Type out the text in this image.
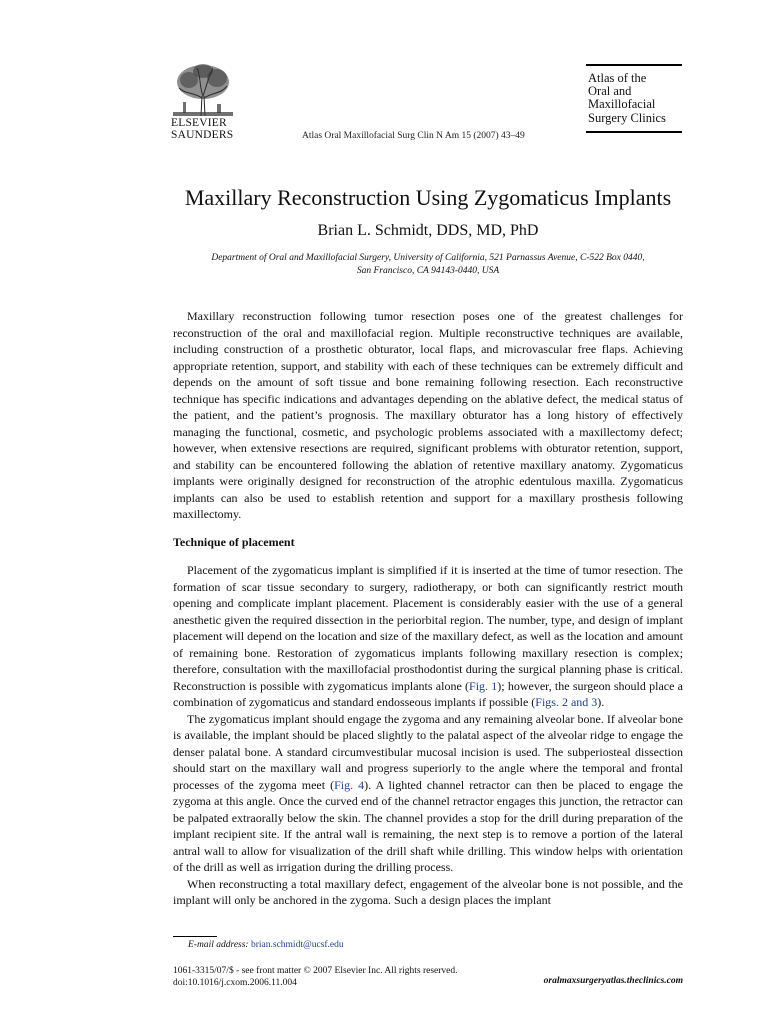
ELSEVIER
SAUNDERS	Atlas Oral Maxillofacial Surg Clin N Am 15 (2007) 43–49
Atlas of the
Oral and
Maxillofacial
Surgery Clinics
Maxillary Reconstruction Using Zygomaticus Implants
Brian L. Schmidt, DDS, MD, PhD
Department of Oral and Maxillofacial Surgery, University of California, 521 Parnassus Avenue, C-522 Box 0440,
San Francisco, CA 94143-0440, USA

Maxillary reconstruction following tumor resection poses one of the greatest challenges for reconstruction of the oral and maxillofacial region. Multiple reconstructive techniques are available, including construction of a prosthetic obturator, local flaps, and microvascular free flaps. Achieving appropriate retention, support, and stability with each of these techniques can be extremely difficult and depends on the amount of soft tissue and bone remaining following resection. Each reconstructive technique has specific indications and advantages depending on the ablative defect, the medical status of the patient, and the patient’s prognosis. The maxillary obturator has a long history of effectively managing the functional, cosmetic, and psychologic problems associated with a maxillectomy defect; however, when extensive resections are required, significant problems with obturator retention, support, and stability can be encountered following the ablation of retentive maxillary anatomy. Zygomaticus implants were originally designed for reconstruction of the atrophic edentulous maxilla. Zygomaticus implants can also be used to establish retention and support for a maxillary prosthesis following maxillectomy.

Technique of placement

Placement of the zygomaticus implant is simplified if it is inserted at the time of tumor resection. The formation of scar tissue secondary to surgery, radiotherapy, or both can significantly restrict mouth opening and complicate implant placement. Placement is considerably easier with the use of a general anesthetic given the required dissection in the periorbital region. The number, type, and design of implant placement will depend on the location and size of the maxillary defect, as well as the location and amount of remaining bone. Restoration of zygomaticus implants following maxillary resection is complex; therefore, consultation with the maxillofacial prosthodontist during the surgical planning phase is critical. Reconstruction is possible with zygomaticus implants alone (Fig. 1); however, the surgeon should place a combination of zygomaticus and standard endosseous implants if possible (Figs. 2 and 3).

The zygomaticus implant should engage the zygoma and any remaining alveolar bone. If alveolar bone is available, the implant should be placed slightly to the palatal aspect of the alveolar ridge to engage the denser palatal bone. A standard circumvestibular mucosal incision is used. The subperiosteal dissection should start on the maxillary wall and progress superiorly to the angle where the temporal and frontal processes of the zygoma meet (Fig. 4). A lighted channel retractor can then be placed to engage the zygoma at this angle. Once the curved end of the channel retractor engages this junction, the retractor can be palpated extraorally below the skin. The channel provides a stop for the drill during preparation of the implant recipient site. If the antral wall is remaining, the next step is to remove a portion of the lateral antral wall to allow for visualization of the drill shaft while drilling. This window helps with orientation of the drill as well as irrigation during the drilling process.

When reconstructing a total maxillary defect, engagement of the alveolar bone is not possible, and the implant will only be anchored in the zygoma. Such a design places the implant

E-mail address: brian.schmidt@ucsf.edu
1061-3315/07/$ - see front matter © 2007 Elsevier Inc. All rights reserved.
doi:10.1016/j.cxom.2006.11.004	oralmaxsurgeryatlas.theclinics.com
